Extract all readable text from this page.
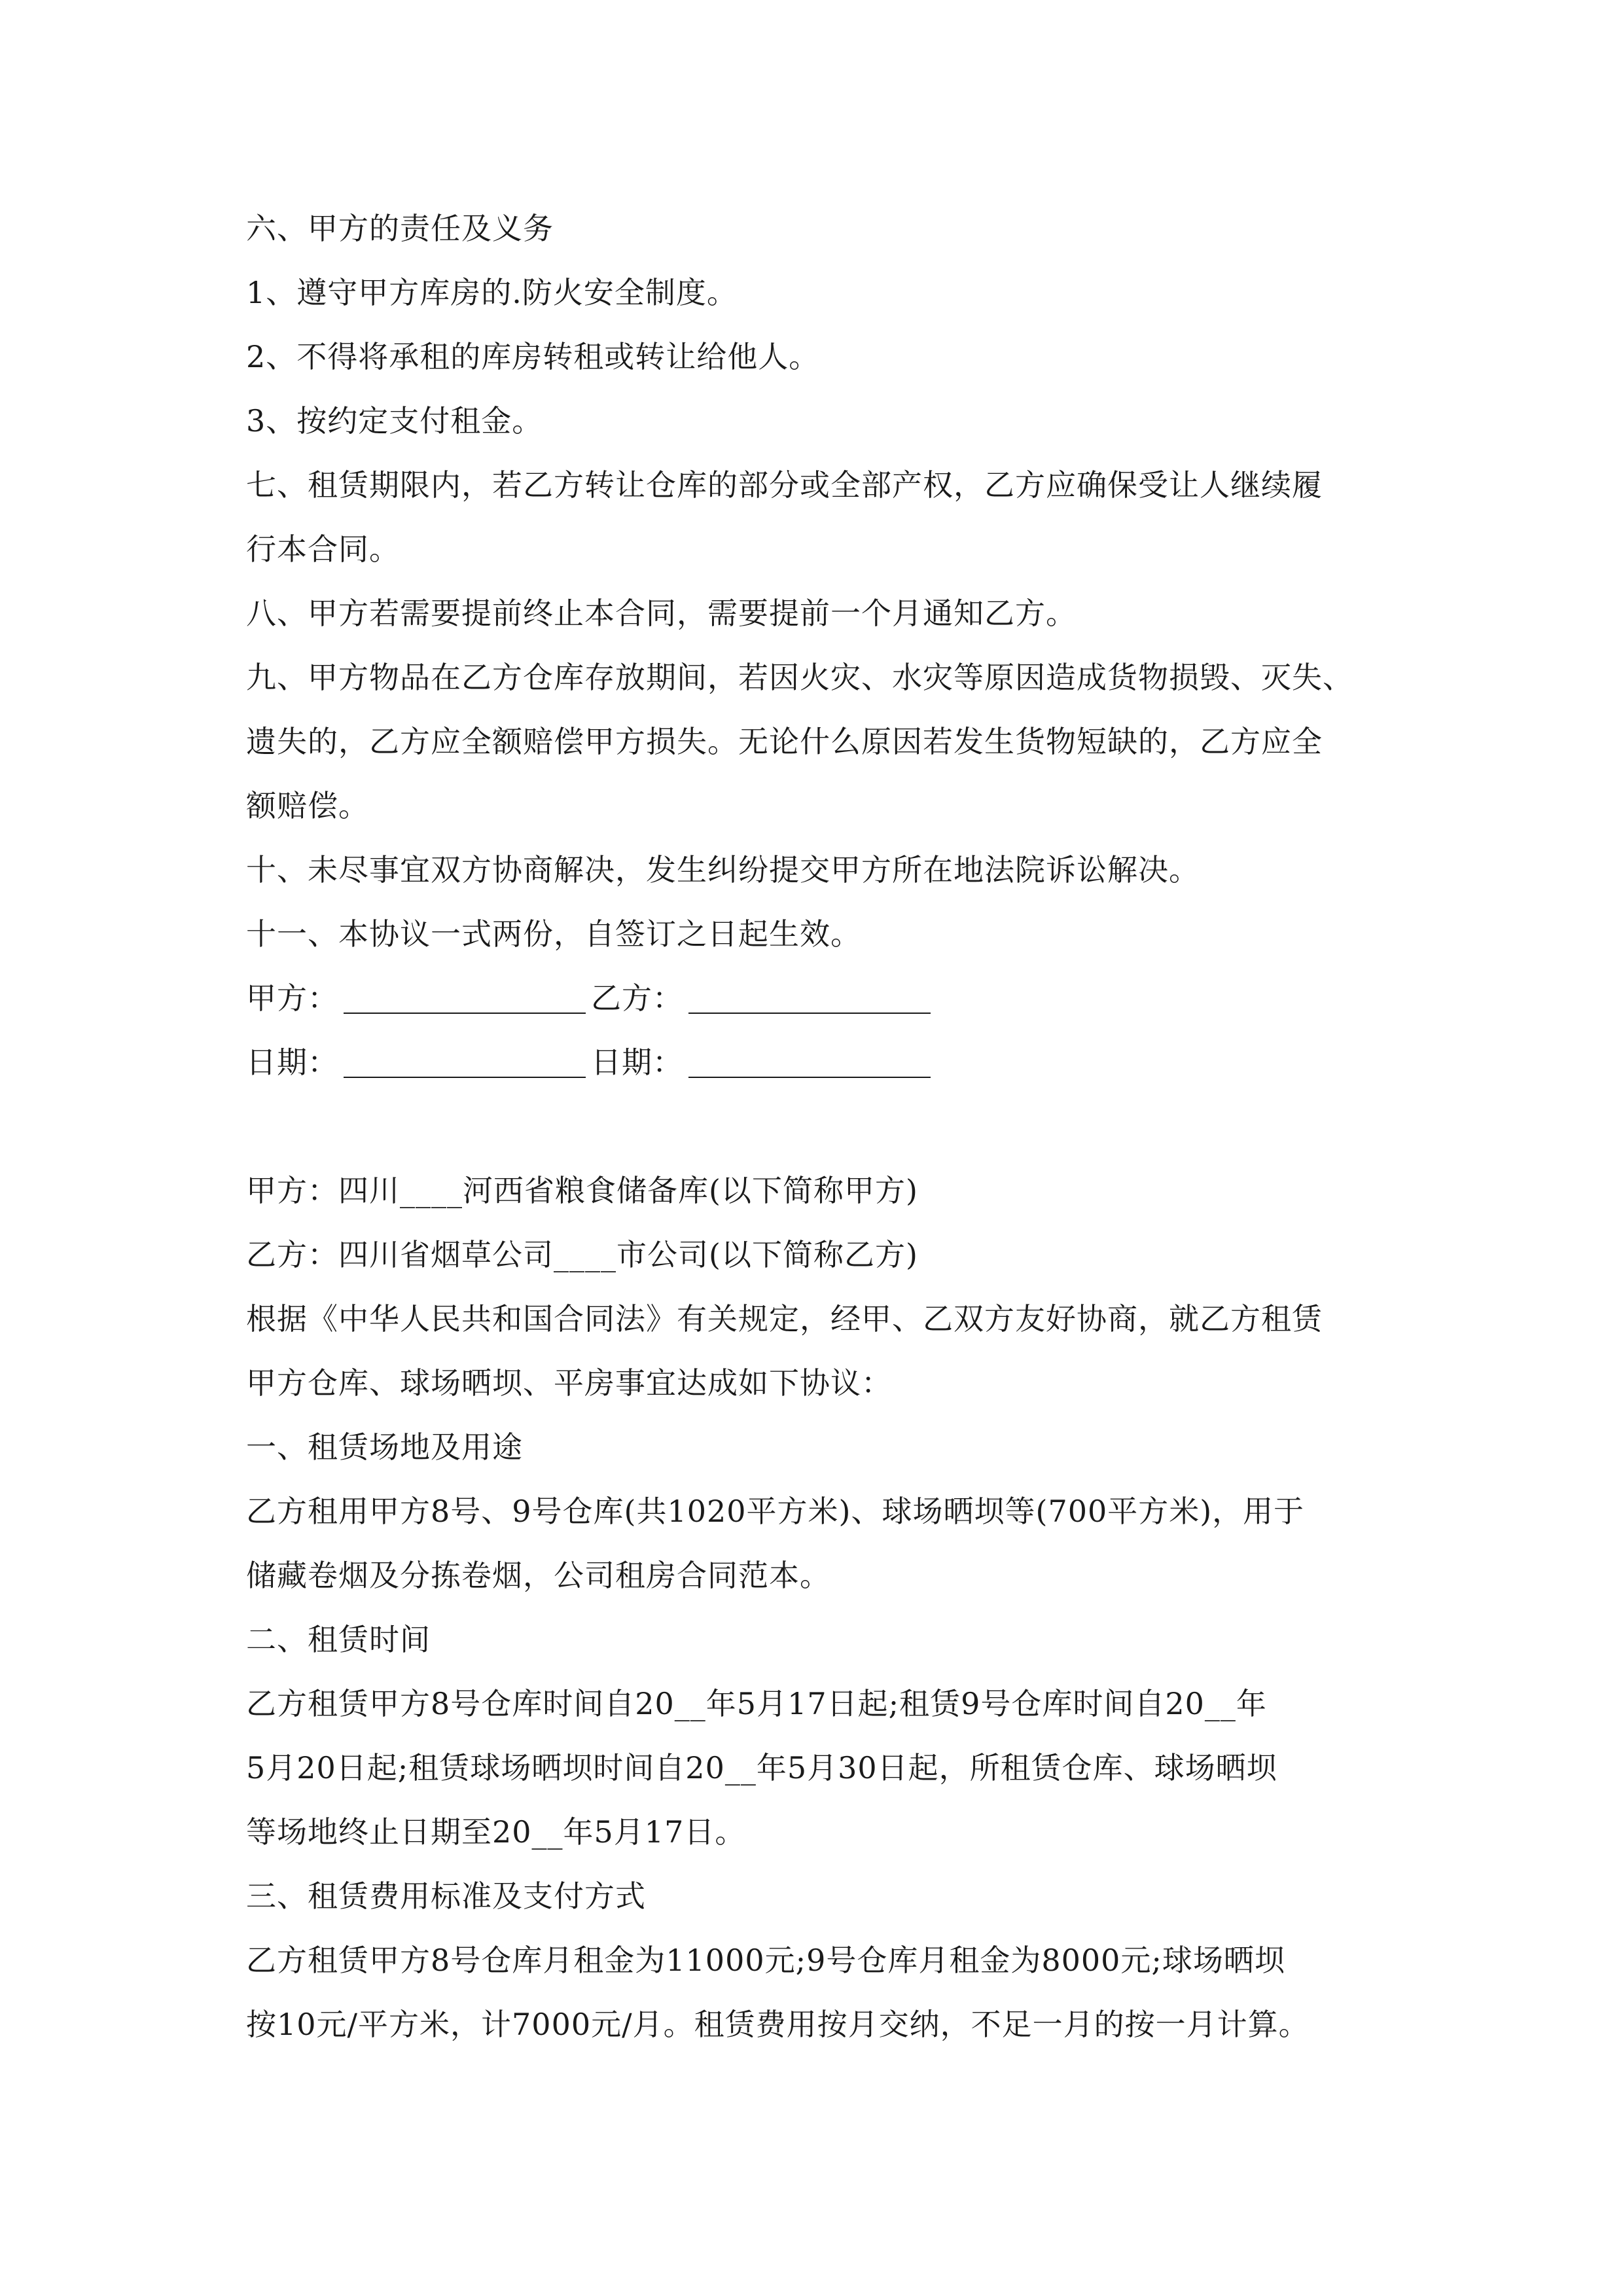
六、甲方的责任及义务
1、遵守甲方库房的.防火安全制度。
2、不得将承租的库房转租或转让给他人。
3、按约定支付租金。
七、租赁期限内，若乙方转让仓库的部分或全部产权，乙方应确保受让人继续履
行本合同。
八、甲方若需要提前终止本合同，需要提前一个月通知乙方。
九、甲方物品在乙方仓库存放期间，若因火灾、水灾等原因造成货物损毁、灭失、
遗失的，乙方应全额赔偿甲方损失。无论什么原因若发生货物短缺的，乙方应全
额赔偿。
十、未尽事宜双方协商解决，发生纠纷提交甲方所在地法院诉讼解决。
十一、本协议一式两份，自签订之日起生效。
甲方：	乙方：
日期：	日期：
甲方：四川____河西省粮食储备库(以下简称甲方)
乙方：四川省烟草公司____市公司(以下简称乙方)
根据《中华人民共和国合同法》有关规定，经甲、乙双方友好协商，就乙方租赁
甲方仓库、球场晒坝、平房事宜达成如下协议：
一、租赁场地及用途
乙方租用甲方8号、9号仓库(共1020平方米)、球场晒坝等(700平方米)，用于
储藏卷烟及分拣卷烟，公司租房合同范本。
二、租赁时间
乙方租赁甲方8号仓库时间自20__年5月17日起;租赁9号仓库时间自20__年
5月20日起;租赁球场晒坝时间自20__年5月30日起，所租赁仓库、球场晒坝
等场地终止日期至20__年5月17日。
三、租赁费用标准及支付方式
乙方租赁甲方8号仓库月租金为11000元;9号仓库月租金为8000元;球场晒坝
按10元/平方米，计7000元/月。租赁费用按月交纳，不足一月的按一月计算。
